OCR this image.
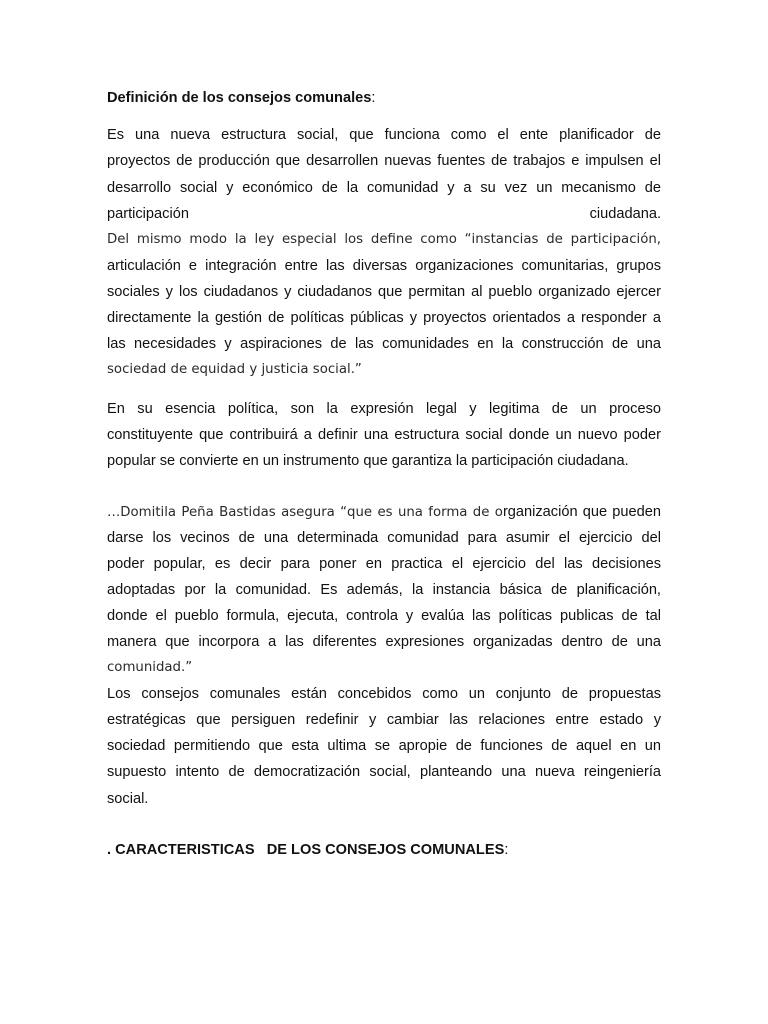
Definición de los consejos comunales:
Es una nueva estructura social, que funciona como el ente planificador de
proyectos de producción que desarrollen nuevas fuentes de trabajos e impulsen el
desarrollo social y económico de la comunidad y a su vez un mecanismo de
participación                                                                       ciudadana.
Del mismo modo la ley especial los define como “instancias de participación,
articulación e integración entre las diversas organizaciones comunitarias, grupos
sociales y los ciudadanos y ciudadanos que permitan al pueblo organizado ejercer
directamente la gestión de políticas públicas y proyectos orientados a responder a
las necesidades y aspiraciones de las comunidades en la construcción de una
sociedad de equidad y justicia social.”
En su esencia política, son la expresión legal y legitima de un proceso
constituyente que contribuirá a definir una estructura social donde un nuevo poder
popular se convierte en un instrumento que garantiza la participación ciudadana.
…Domitila Peña Bastidas asegura “que es una forma de organización que pueden
darse los vecinos de una determinada comunidad para asumir el ejercicio del
poder popular, es decir para poner en practica el ejercicio del las decisiones
adoptadas por la comunidad. Es además, la instancia básica de planificación,
donde el pueblo formula, ejecuta, controla y evalúa las políticas publicas de tal
manera que incorpora a las diferentes expresiones organizadas dentro de una
comunidad.”
Los consejos comunales están concebidos como un conjunto de propuestas
estratégicas que persiguen redefinir y cambiar las relaciones entre estado y
sociedad permitiendo que esta ultima se apropie de funciones de aquel en un
supuesto intento de democratización social, planteando una nueva reingeniería
social.
. CARACTERISTICAS   DE LOS CONSEJOS COMUNALES:
